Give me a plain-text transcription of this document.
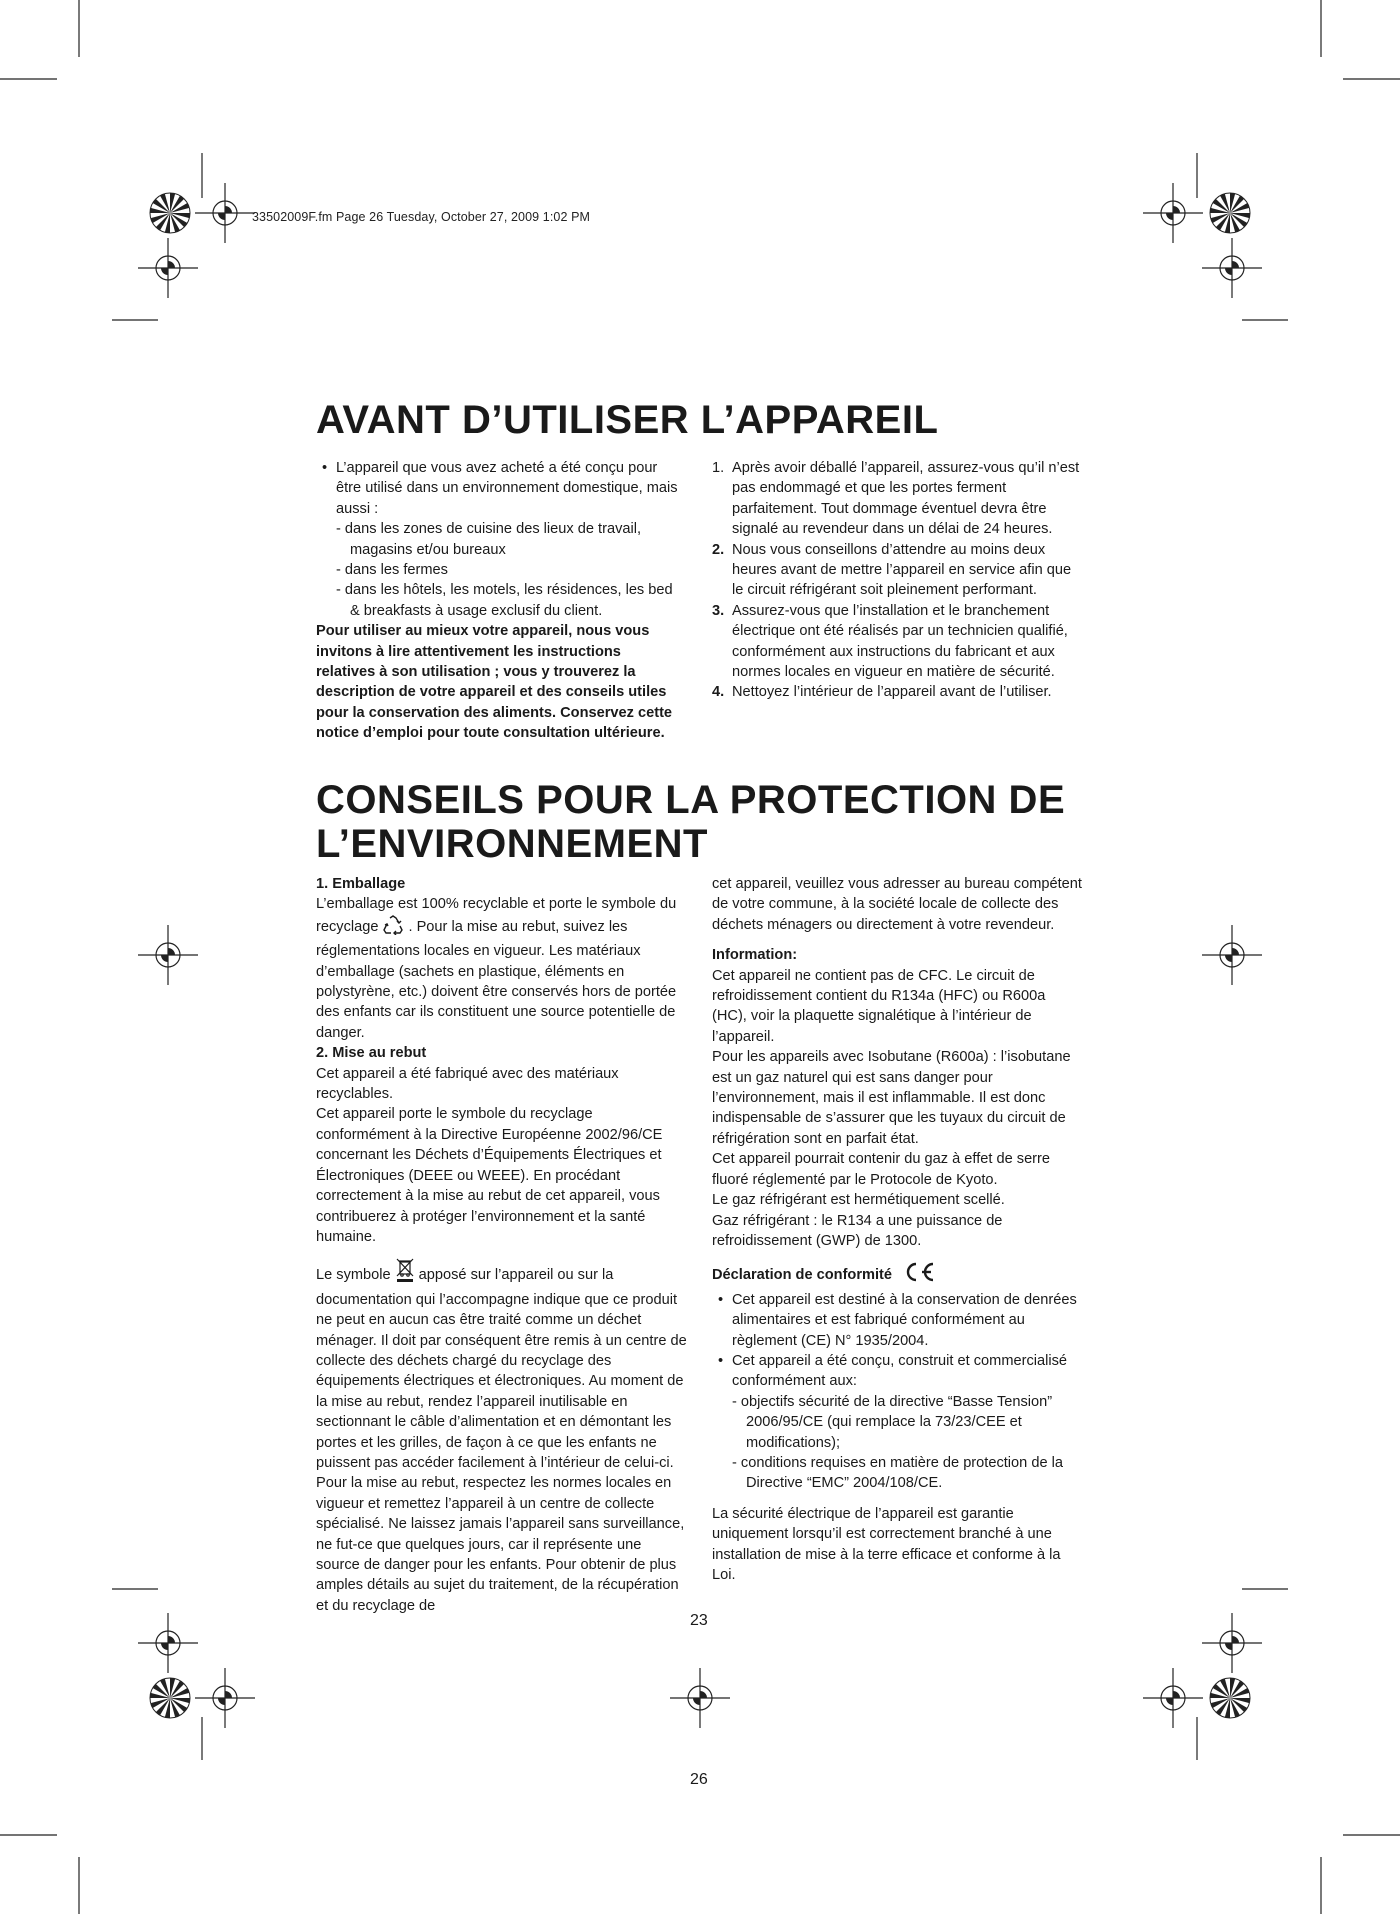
33502009F.fm Page 26 Tuesday, October 27, 2009 1:02 PM
AVANT D’UTILISER L’APPAREIL

• L’appareil que vous avez acheté a été conçu pour être utilisé dans un environnement domestique, mais aussi :

- dans les zones de cuisine des lieux de travail, magasins et/ou bureaux

- dans les fermes

- dans les hôtels, les motels, les résidences, les bed & breakfasts à usage exclusif du client.

Pour utiliser au mieux votre appareil, nous vous invitons à lire attentivement les instructions relatives à son utilisation ; vous y trouverez la description de votre appareil et des conseils utiles pour la conservation des aliments. Conservez cette notice d’emploi pour toute consultation ultérieure.

1. Après avoir déballé l’appareil, assurez-vous qu’il n’est pas endommagé et que les portes ferment parfaitement. Tout dommage éventuel devra être signalé au revendeur dans un délai de 24 heures.

2. Nous vous conseillons d’attendre au moins deux heures avant de mettre l’appareil en service afin que le circuit réfrigérant soit pleinement performant.

3. Assurez-vous que l’installation et le branchement électrique ont été réalisés par un technicien qualifié, conformément aux instructions du fabricant et aux normes locales en vigueur en matière de sécurité.

4. Nettoyez l’intérieur de l’appareil avant de l’utiliser.

CONSEILS POUR LA PROTECTION DE
L’ENVIRONNEMENT

1. Emballage

L’emballage est 100% recyclable et porte le symbole du recyclage . Pour la mise au rebut, suivez les réglementations locales en vigueur. Les matériaux d’emballage (sachets en plastique, éléments en polystyrène, etc.) doivent être conservés hors de portée des enfants car ils constituent une source potentielle de danger.

2. Mise au rebut

Cet appareil a été fabriqué avec des matériaux recyclables.

Cet appareil porte le symbole du recyclage conformément à la Directive Européenne 2002/96/CE concernant les Déchets d’Équipements Électriques et Électroniques (DEEE ou WEEE). En procédant correctement à la mise au rebut de cet appareil, vous contribuerez à protéger l’environnement et la santé humaine.

Le symbole apposé sur l’appareil ou sur la documentation qui l’accompagne indique que ce produit ne peut en aucun cas être traité comme un déchet ménager. Il doit par conséquent être remis à un centre de collecte des déchets chargé du recyclage des équipements électriques et électroniques. Au moment de la mise au rebut, rendez l’appareil inutilisable en sectionnant le câble d’alimentation et en démontant les portes et les grilles, de façon à ce que les enfants ne puissent pas accéder facilement à l’intérieur de celui-ci. Pour la mise au rebut, respectez les normes locales en vigueur et remettez l’appareil à un centre de collecte spécialisé. Ne laissez jamais l’appareil sans surveillance, ne fut-ce que quelques jours, car il représente une source de danger pour les enfants. Pour obtenir de plus amples détails au sujet du traitement, de la récupération et du recyclage de

cet appareil, veuillez vous adresser au bureau compétent de votre commune, à la société locale de collecte des déchets ménagers ou directement à votre revendeur.

Information:

Cet appareil ne contient pas de CFC. Le circuit de refroidissement contient du R134a (HFC) ou R600a (HC), voir la plaquette signalétique à l’intérieur de l’appareil.

Pour les appareils avec Isobutane (R600a) : l’isobutane est un gaz naturel qui est sans danger pour l’environnement, mais il est inflammable. Il est donc indispensable de s’assurer que les tuyaux du circuit de réfrigération sont en parfait état.

Cet appareil pourrait contenir du gaz à effet de serre fluoré réglementé par le Protocole de Kyoto.

Le gaz réfrigérant est hermétiquement scellé.

Gaz réfrigérant : le R134 a une puissance de refroidissement (GWP) de 1300.

Déclaration de conformité

• Cet appareil est destiné à la conservation de denrées alimentaires et est fabriqué conformément au règlement (CE) N° 1935/2004.

• Cet appareil a été conçu, construit et commercialisé conformément aux:

- objectifs sécurité de la directive “Basse Tension” 2006/95/CE (qui remplace la 73/23/CEE et modifications);

- conditions requises en matière de protection de la Directive “EMC” 2004/108/CE.

La sécurité électrique de l’appareil est garantie uniquement lorsqu’il est correctement branché à une installation de mise à la terre efficace et conforme à la Loi.

23
26
